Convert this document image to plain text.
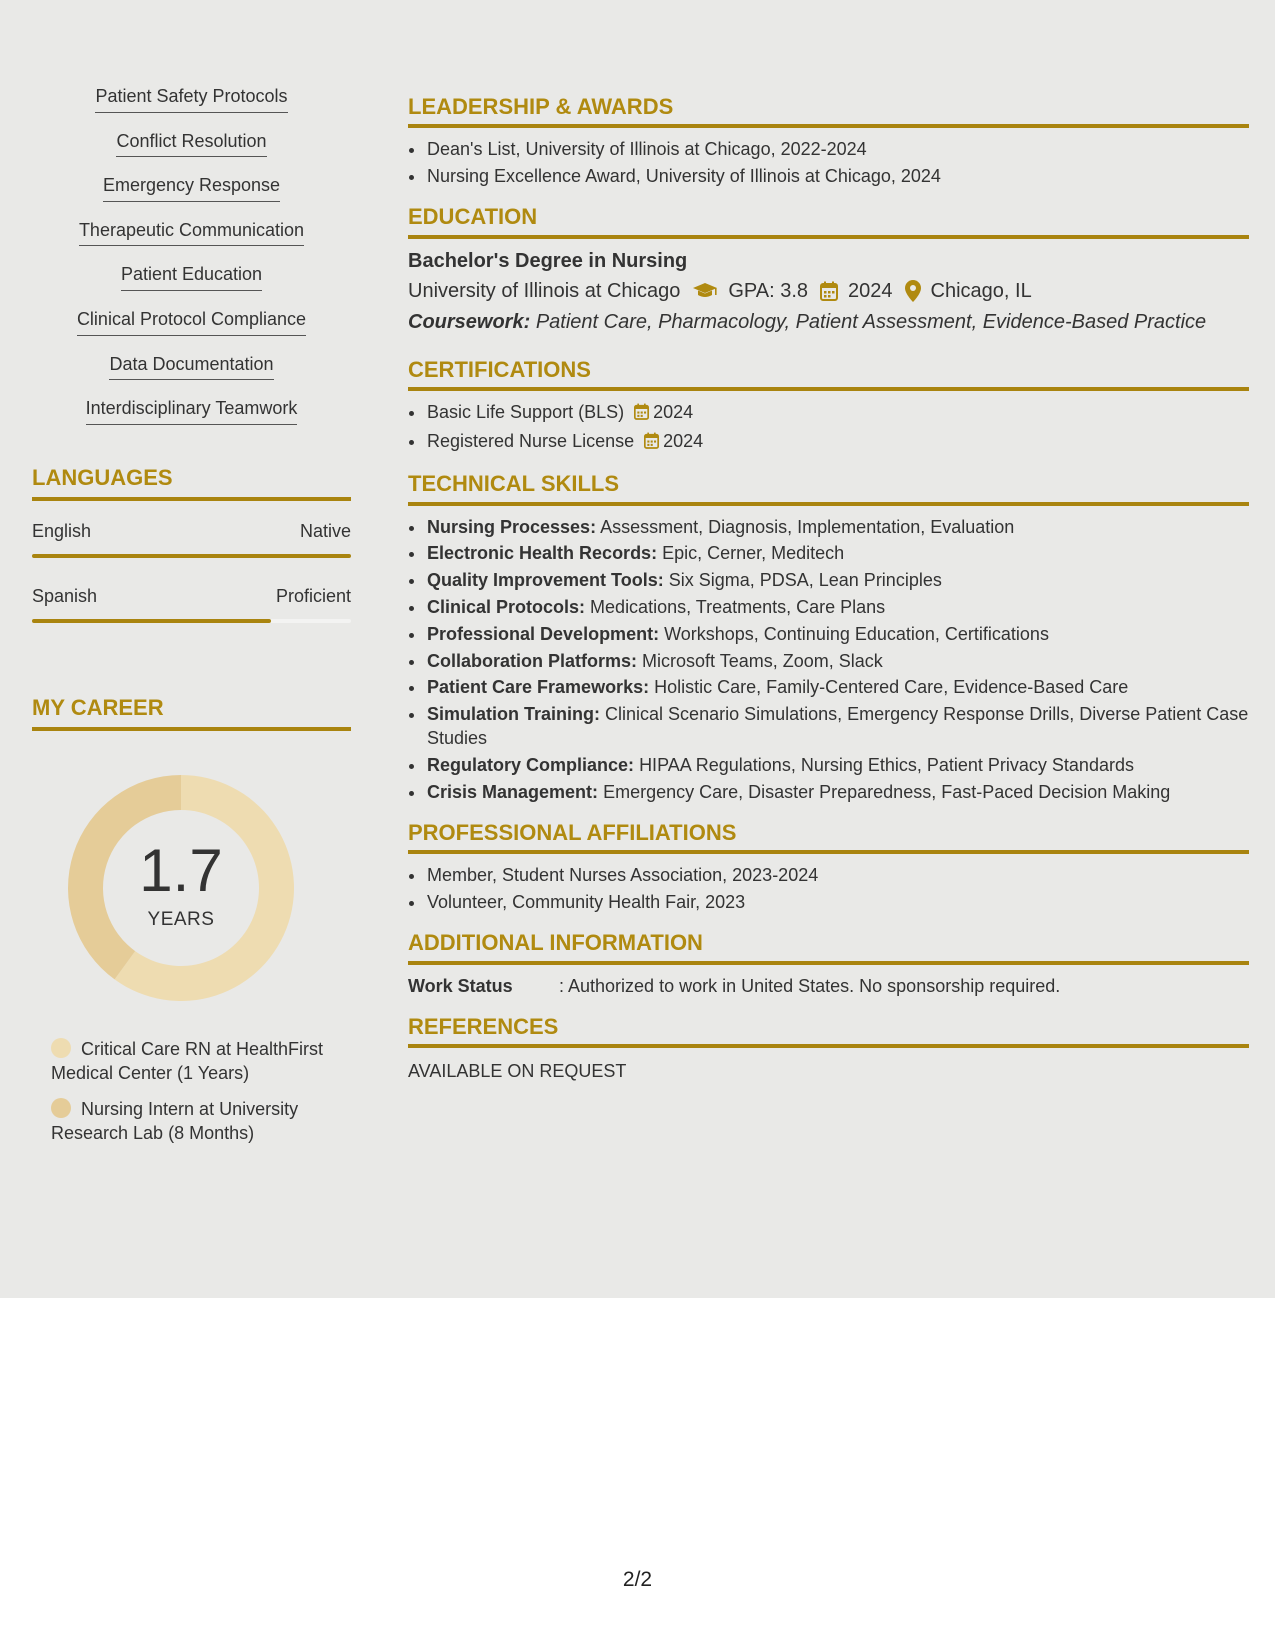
Patient Safety Protocols
Conflict Resolution
Emergency Response
Therapeutic Communication
Patient Education
Clinical Protocol Compliance
Data Documentation
Interdisciplinary Teamwork
LANGUAGES
English	Native
Spanish	Proficient
MY CAREER
1.7
YEARS
Critical Care RN at HealthFirst Medical Center (1 Years)
Nursing Intern at University Research Lab (8 Months)
LEADERSHIP & AWARDS
• Dean's List, University of Illinois at Chicago, 2022-2024
• Nursing Excellence Award, University of Illinois at Chicago, 2024
EDUCATION
Bachelor's Degree in Nursing
University of Illinois at Chicago GPA: 3.8 2024 Chicago, IL
Coursework: Patient Care, Pharmacology, Patient Assessment, Evidence-Based Practice
CERTIFICATIONS
• Basic Life Support (BLS) 2024
• Registered Nurse License 2024
TECHNICAL SKILLS
• Nursing Processes: Assessment, Diagnosis, Implementation, Evaluation
• Electronic Health Records: Epic, Cerner, Meditech
• Quality Improvement Tools: Six Sigma, PDSA, Lean Principles
• Clinical Protocols: Medications, Treatments, Care Plans
• Professional Development: Workshops, Continuing Education, Certifications
• Collaboration Platforms: Microsoft Teams, Zoom, Slack
• Patient Care Frameworks: Holistic Care, Family-Centered Care, Evidence-Based Care
• Simulation Training: Clinical Scenario Simulations, Emergency Response Drills, Diverse Patient Case Studies
• Regulatory Compliance: HIPAA Regulations, Nursing Ethics, Patient Privacy Standards
• Crisis Management: Emergency Care, Disaster Preparedness, Fast-Paced Decision Making
PROFESSIONAL AFFILIATIONS
• Member, Student Nurses Association, 2023-2024
• Volunteer, Community Health Fair, 2023
ADDITIONAL INFORMATION
Work Status	: Authorized to work in United States. No sponsorship required.
REFERENCES
AVAILABLE ON REQUEST
2/2
